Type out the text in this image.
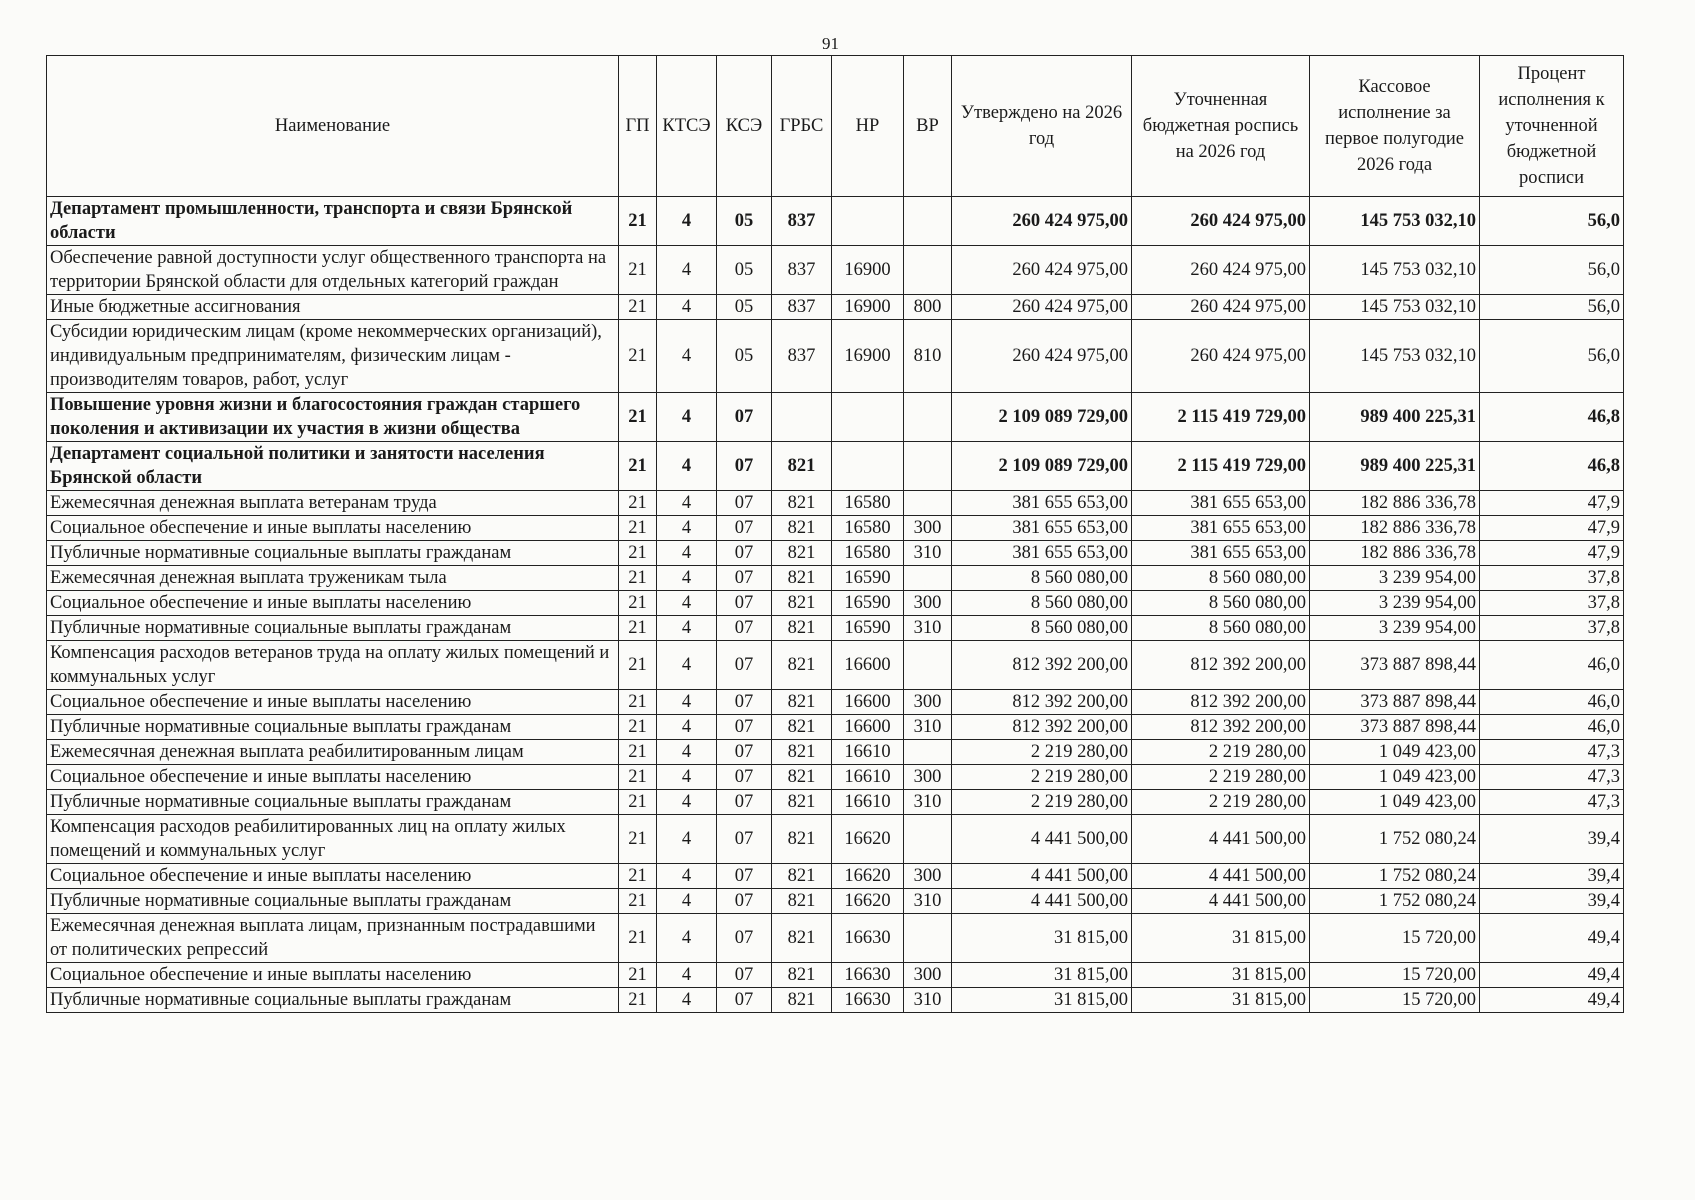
91
Наименование	ГП	КТСЭ	КСЭ	ГРБС	НР	ВР	Утверждено на 2026 год	Уточненная бюджетная роспись на 2026 год	Кассовое исполнение за первое полугодие 2026 года	Процент исполнения к уточненной бюджетной росписи
Департамент промышленности, транспорта и связи Брянской области	21	4	05	837			260 424 975,00	260 424 975,00	145 753 032,10	56,0
Обеспечение равной доступности услуг общественного транспорта на территории Брянской области для отдельных категорий граждан	21	4	05	837	16900		260 424 975,00	260 424 975,00	145 753 032,10	56,0
Иные бюджетные ассигнования	21	4	05	837	16900	800	260 424 975,00	260 424 975,00	145 753 032,10	56,0
Субсидии юридическим лицам (кроме некоммерческих организаций), индивидуальным предпринимателям, физическим лицам - производителям товаров, работ, услуг	21	4	05	837	16900	810	260 424 975,00	260 424 975,00	145 753 032,10	56,0
Повышение уровня жизни и благосостояния граждан старшего поколения и активизации их участия в жизни общества	21	4	07				2 109 089 729,00	2 115 419 729,00	989 400 225,31	46,8
Департамент социальной политики и занятости населения Брянской области	21	4	07	821			2 109 089 729,00	2 115 419 729,00	989 400 225,31	46,8
Ежемесячная денежная выплата ветеранам труда	21	4	07	821	16580		381 655 653,00	381 655 653,00	182 886 336,78	47,9
Социальное обеспечение и иные выплаты населению	21	4	07	821	16580	300	381 655 653,00	381 655 653,00	182 886 336,78	47,9
Публичные нормативные социальные выплаты гражданам	21	4	07	821	16580	310	381 655 653,00	381 655 653,00	182 886 336,78	47,9
Ежемесячная денежная выплата труженикам тыла	21	4	07	821	16590		8 560 080,00	8 560 080,00	3 239 954,00	37,8
Социальное обеспечение и иные выплаты населению	21	4	07	821	16590	300	8 560 080,00	8 560 080,00	3 239 954,00	37,8
Публичные нормативные социальные выплаты гражданам	21	4	07	821	16590	310	8 560 080,00	8 560 080,00	3 239 954,00	37,8
Компенсация расходов ветеранов труда на оплату жилых помещений и коммунальных услуг	21	4	07	821	16600		812 392 200,00	812 392 200,00	373 887 898,44	46,0
Социальное обеспечение и иные выплаты населению	21	4	07	821	16600	300	812 392 200,00	812 392 200,00	373 887 898,44	46,0
Публичные нормативные социальные выплаты гражданам	21	4	07	821	16600	310	812 392 200,00	812 392 200,00	373 887 898,44	46,0
Ежемесячная денежная выплата реабилитированным лицам	21	4	07	821	16610		2 219 280,00	2 219 280,00	1 049 423,00	47,3
Социальное обеспечение и иные выплаты населению	21	4	07	821	16610	300	2 219 280,00	2 219 280,00	1 049 423,00	47,3
Публичные нормативные социальные выплаты гражданам	21	4	07	821	16610	310	2 219 280,00	2 219 280,00	1 049 423,00	47,3
Компенсация расходов реабилитированных лиц на оплату жилых помещений и коммунальных услуг	21	4	07	821	16620		4 441 500,00	4 441 500,00	1 752 080,24	39,4
Социальное обеспечение и иные выплаты населению	21	4	07	821	16620	300	4 441 500,00	4 441 500,00	1 752 080,24	39,4
Публичные нормативные социальные выплаты гражданам	21	4	07	821	16620	310	4 441 500,00	4 441 500,00	1 752 080,24	39,4
Ежемесячная денежная выплата лицам, признанным пострадавшими от политических репрессий	21	4	07	821	16630		31 815,00	31 815,00	15 720,00	49,4
Социальное обеспечение и иные выплаты населению	21	4	07	821	16630	300	31 815,00	31 815,00	15 720,00	49,4
Публичные нормативные социальные выплаты гражданам	21	4	07	821	16630	310	31 815,00	31 815,00	15 720,00	49,4
